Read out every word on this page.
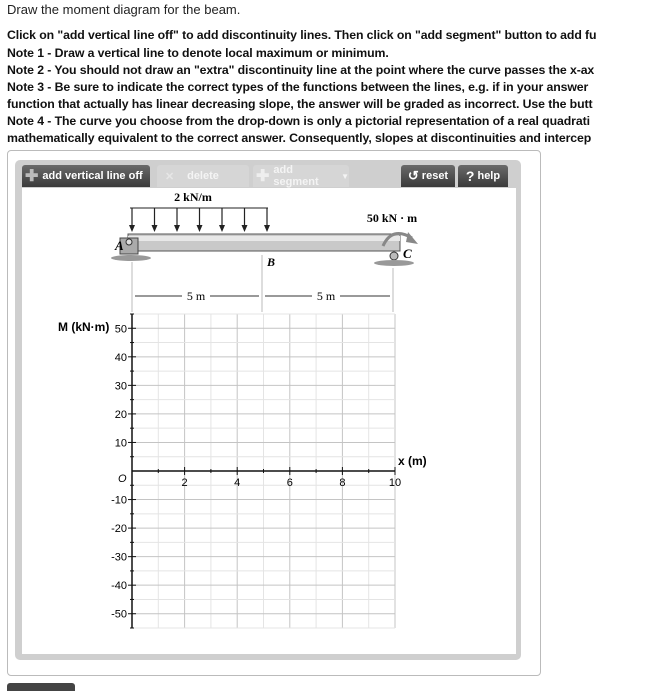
Draw the moment diagram for the beam.
Click on "add vertical line off" to add discontinuity lines. Then click on "add segment" button to add fu
Note 1 - Draw a vertical line to denote local maximum or minimum.
Note 2 - You should not draw an "extra" discontinuity line at the point where the curve passes the x-ax
Note 3 - Be sure to indicate the correct types of the functions between the lines, e.g. if in your answer
function that actually has linear decreasing slope, the answer will be graded as incorrect. Use the butt
Note 4 - The curve you choose from the drop-down is only a pictorial representation of a real quadrati
mathematically equivalent to the correct answer. Consequently, slopes at discontinuities and intercep
✚ add vertical line off ✕ delete ✚ add segment	▼	↺ reset ? help
2 kN/m
50 kN · m
A
B
C
5 m	5 m
2	4	6	8	10
50
40
30
20
10
-10
-20
-30
-40
-50
M (kN·m)
x (m)
O
